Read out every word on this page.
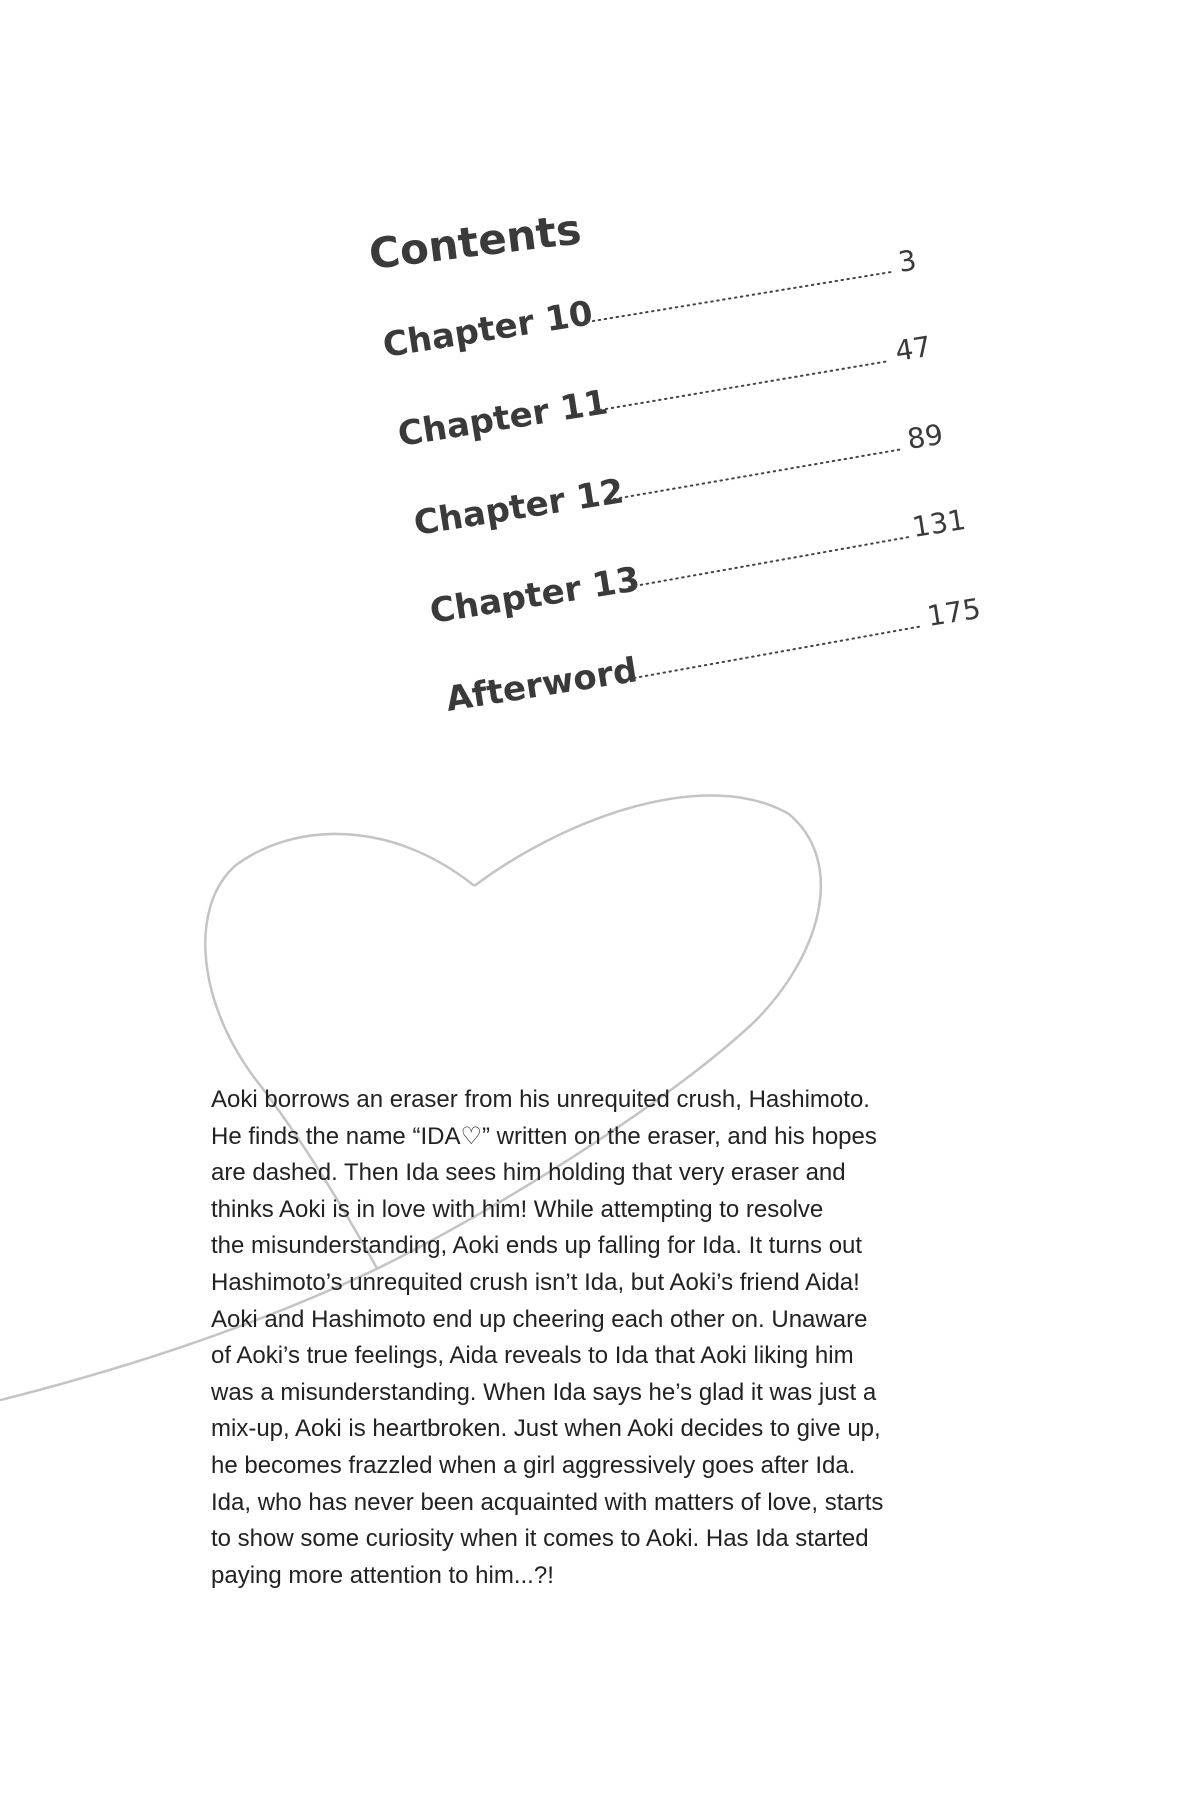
Contents
Chapter 10
3
Chapter 11
47
Chapter 12
89
Chapter 13
131
Afterword
175
Aoki borrows an eraser from his unrequited crush, Hashimoto.
He finds the name “IDA♡” written on the eraser, and his hopes
are dashed. Then Ida sees him holding that very eraser and
thinks Aoki is in love with him! While attempting to resolve
the misunderstanding, Aoki ends up falling for Ida. It turns out
Hashimoto’s unrequited crush isn’t Ida, but Aoki’s friend Aida!
Aoki and Hashimoto end up cheering each other on. Unaware
of Aoki’s true feelings, Aida reveals to Ida that Aoki liking him
was a misunderstanding. When Ida says he’s glad it was just a
mix-up, Aoki is heartbroken. Just when Aoki decides to give up,
he becomes frazzled when a girl aggressively goes after Ida.
Ida, who has never been acquainted with matters of love, starts
to show some curiosity when it comes to Aoki. Has Ida started
paying more attention to him...?!
